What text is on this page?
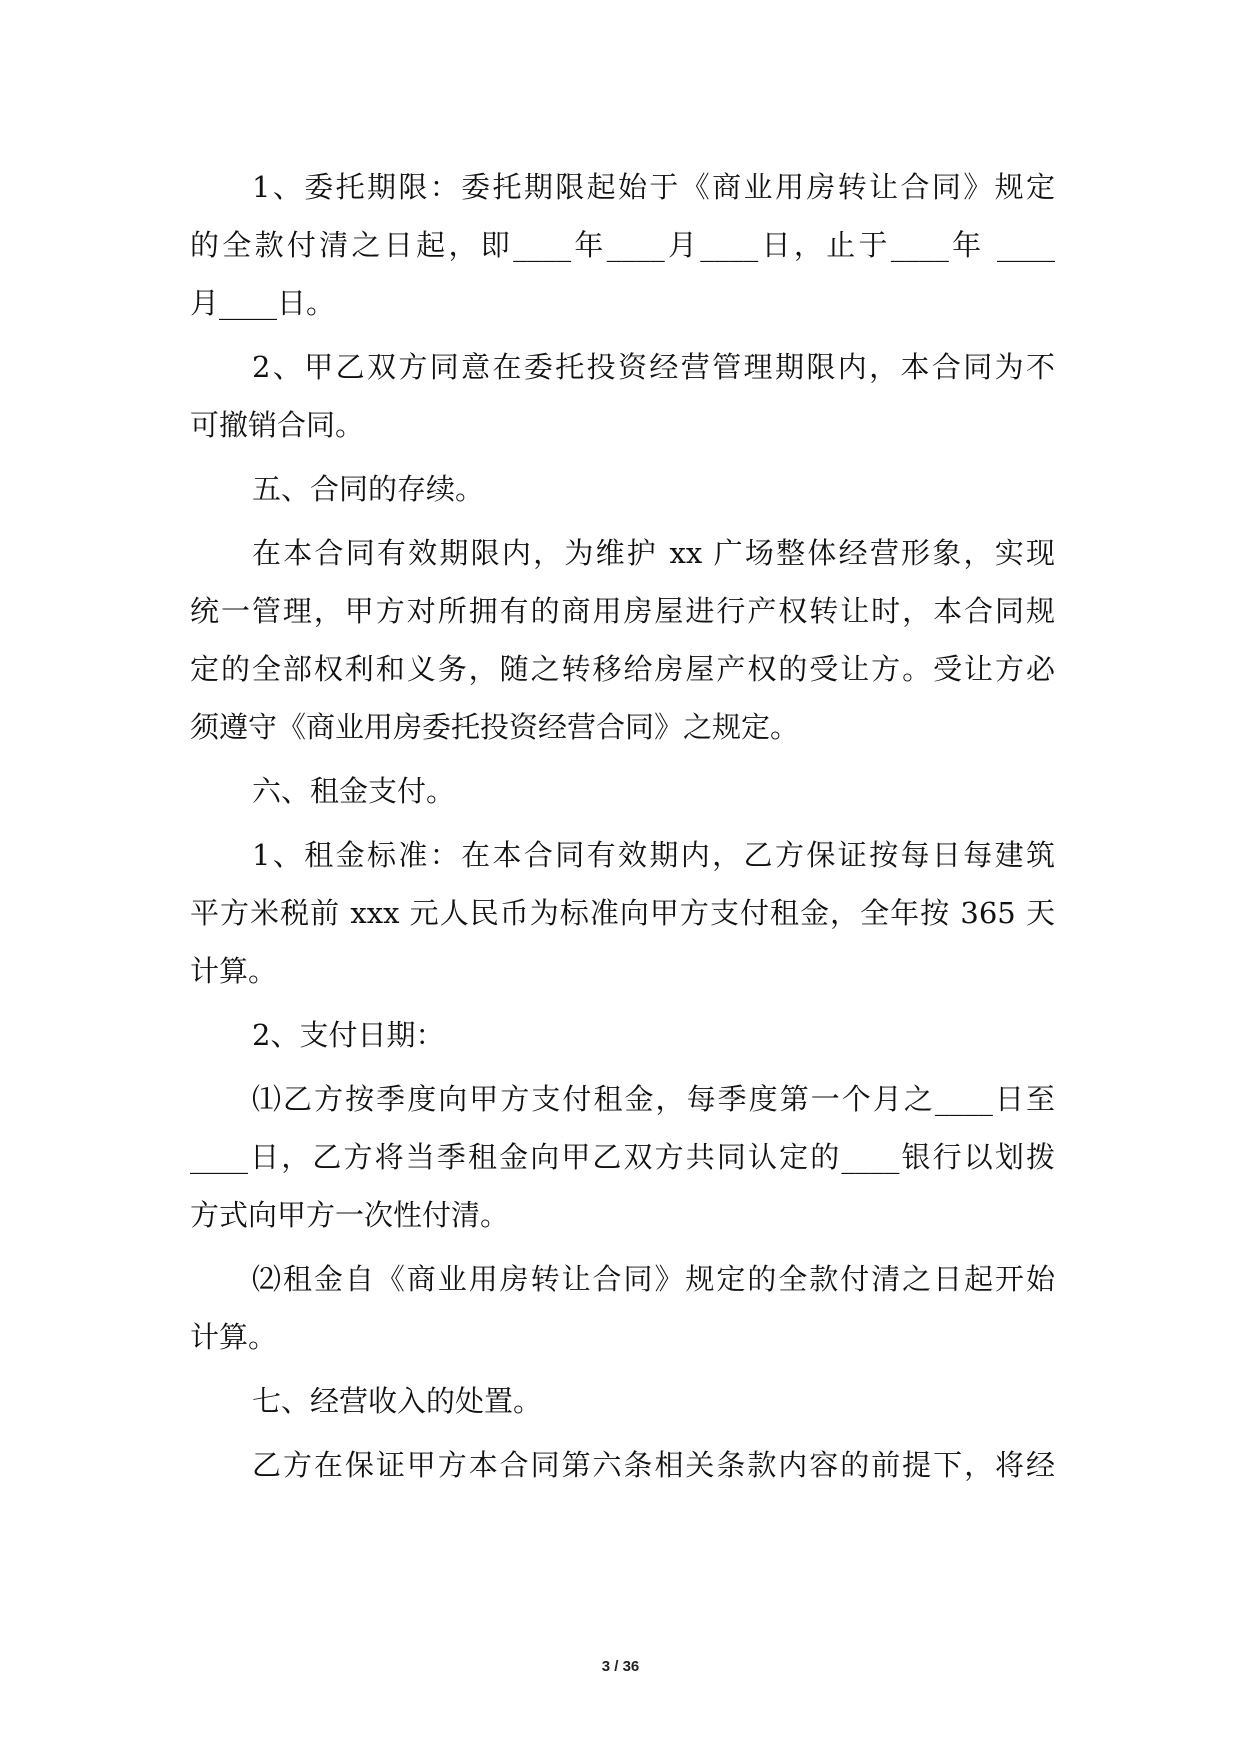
1、委托期限：委托期限起始于《商业用房转让合同》规定
的全款付清之日起，即____年____月____日，止于____年 ____
月____日。
2、甲乙双方同意在委托投资经营管理期限内，本合同为不
可撤销合同。
五、合同的存续。
在本合同有效期限内，为维护 xx 广场整体经营形象，实现
统一管理，甲方对所拥有的商用房屋进行产权转让时，本合同规
定的全部权利和义务，随之转移给房屋产权的受让方。受让方必
须遵守《商业用房委托投资经营合同》之规定。
六、租金支付。
1、租金标准：在本合同有效期内，乙方保证按每日每建筑
平方米税前 xxx 元人民币为标准向甲方支付租金，全年按 365 天
计算。
2、支付日期：
⑴乙方按季度向甲方支付租金，每季度第一个月之____日至
____日，乙方将当季租金向甲乙双方共同认定的____银行以划拨
方式向甲方一次性付清。
⑵租金自《商业用房转让合同》规定的全款付清之日起开始
计算。
七、经营收入的处置。
乙方在保证甲方本合同第六条相关条款内容的前提下，将经
3 / 36
